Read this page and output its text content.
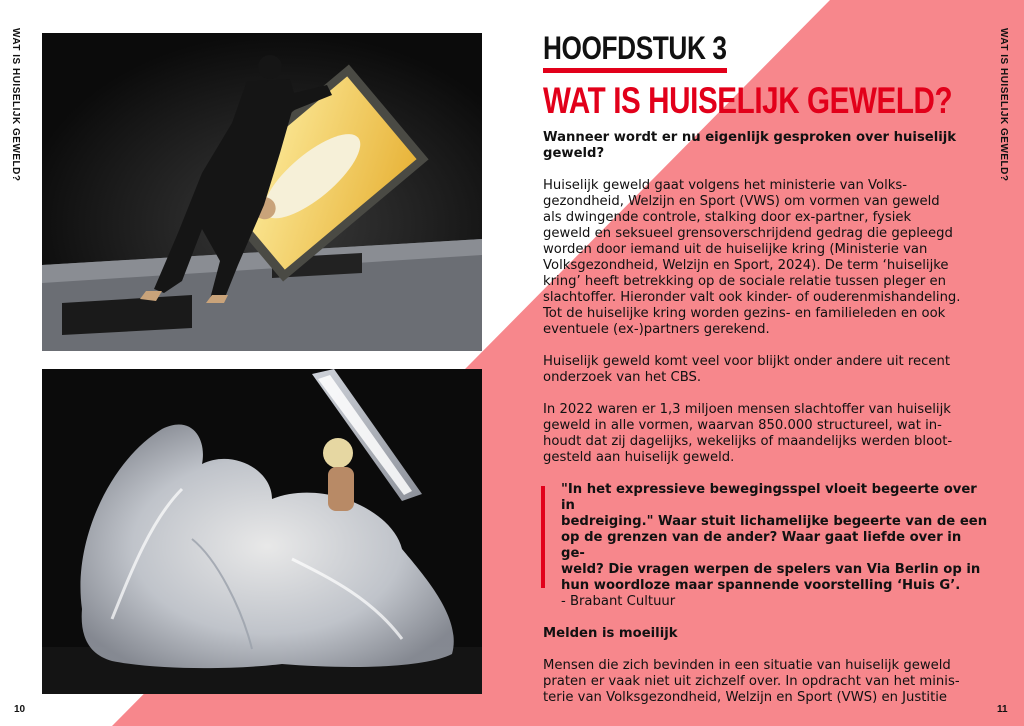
WAT IS HUISELIJK GEWELD?	WAT IS HUISELIJK GEWELD?
HOOFDSTUK 3
WAT IS HUISELIJK GEWELD?

Wanneer wordt er nu eigenlijk gesproken over huiselijk
geweld?

Huiselijk geweld gaat volgens het ministerie van Volks-
gezondheid, Welzijn en Sport (VWS) om vormen van geweld
als dwingende controle, stalking door ex-partner, fysiek
geweld en seksueel grensoverschrijdend gedrag die gepleegd
worden door iemand uit de huiselijke kring (Ministerie van
Volksgezondheid, Welzijn en Sport, 2024). De term ‘huiselijke
kring’ heeft betrekking op de sociale relatie tussen pleger en
slachtoffer. Hieronder valt ook kinder- of ouderenmishandeling.
Tot de huiselijke kring worden gezins- en familieleden en ook
eventuele (ex-)partners gerekend.

Huiselijk geweld komt veel voor blijkt onder andere uit recent
onderzoek van het CBS.

In 2022 waren er 1,3 miljoen mensen slachtoffer van huiselijk
geweld in alle vormen, waarvan 850.000 structureel, wat in-
houdt dat zij dagelijks, wekelijks of maandelijks werden bloot-
gesteld aan huiselijk geweld.

"In het expressieve bewegingsspel vloeit begeerte over in
bedreiging." Waar stuit lichamelijke begeerte van de een
op de grenzen van de ander? Waar gaat liefde over in ge-
weld? Die vragen werpen de spelers van Via Berlin op in
hun woordloze maar spannende voorstelling ‘Huis G’.
- Brabant Cultuur

Melden is moeilijk

Mensen die zich bevinden in een situatie van huiselijk geweld
praten er vaak niet uit zichzelf over. In opdracht van het minis-
terie van Volksgezondheid, Welzijn en Sport (VWS) en Justitie

10	11
